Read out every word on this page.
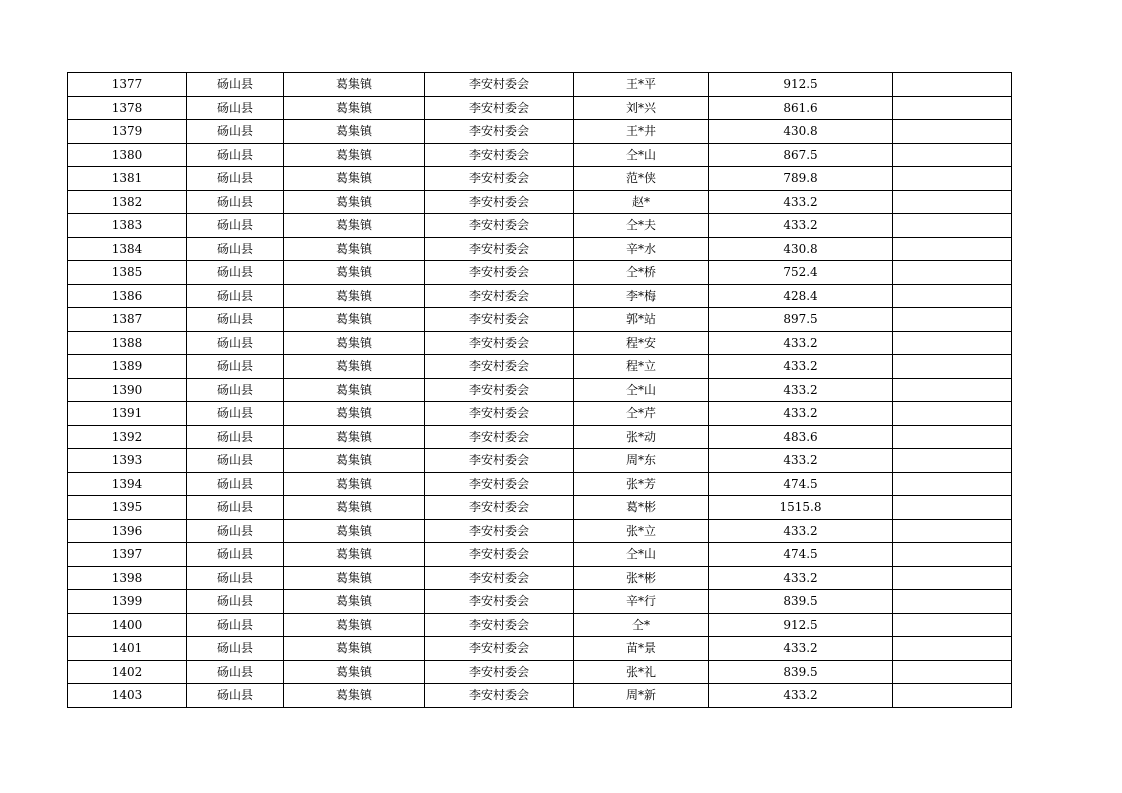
1377	砀山县	葛集镇	李安村委会	王*平	912.5	
1378	砀山县	葛集镇	李安村委会	刘*兴	861.6	
1379	砀山县	葛集镇	李安村委会	王*井	430.8	
1380	砀山县	葛集镇	李安村委会	仝*山	867.5	
1381	砀山县	葛集镇	李安村委会	范*侠	789.8	
1382	砀山县	葛集镇	李安村委会	赵*	433.2	
1383	砀山县	葛集镇	李安村委会	仝*夫	433.2	
1384	砀山县	葛集镇	李安村委会	辛*水	430.8	
1385	砀山县	葛集镇	李安村委会	仝*桥	752.4	
1386	砀山县	葛集镇	李安村委会	李*梅	428.4	
1387	砀山县	葛集镇	李安村委会	郭*站	897.5	
1388	砀山县	葛集镇	李安村委会	程*安	433.2	
1389	砀山县	葛集镇	李安村委会	程*立	433.2	
1390	砀山县	葛集镇	李安村委会	仝*山	433.2	
1391	砀山县	葛集镇	李安村委会	仝*芹	433.2	
1392	砀山县	葛集镇	李安村委会	张*动	483.6	
1393	砀山县	葛集镇	李安村委会	周*东	433.2	
1394	砀山县	葛集镇	李安村委会	张*芳	474.5	
1395	砀山县	葛集镇	李安村委会	葛*彬	1515.8	
1396	砀山县	葛集镇	李安村委会	张*立	433.2	
1397	砀山县	葛集镇	李安村委会	仝*山	474.5	
1398	砀山县	葛集镇	李安村委会	张*彬	433.2	
1399	砀山县	葛集镇	李安村委会	辛*行	839.5	
1400	砀山县	葛集镇	李安村委会	仝*	912.5	
1401	砀山县	葛集镇	李安村委会	苗*景	433.2	
1402	砀山县	葛集镇	李安村委会	张*礼	839.5	
1403	砀山县	葛集镇	李安村委会	周*新	433.2	
